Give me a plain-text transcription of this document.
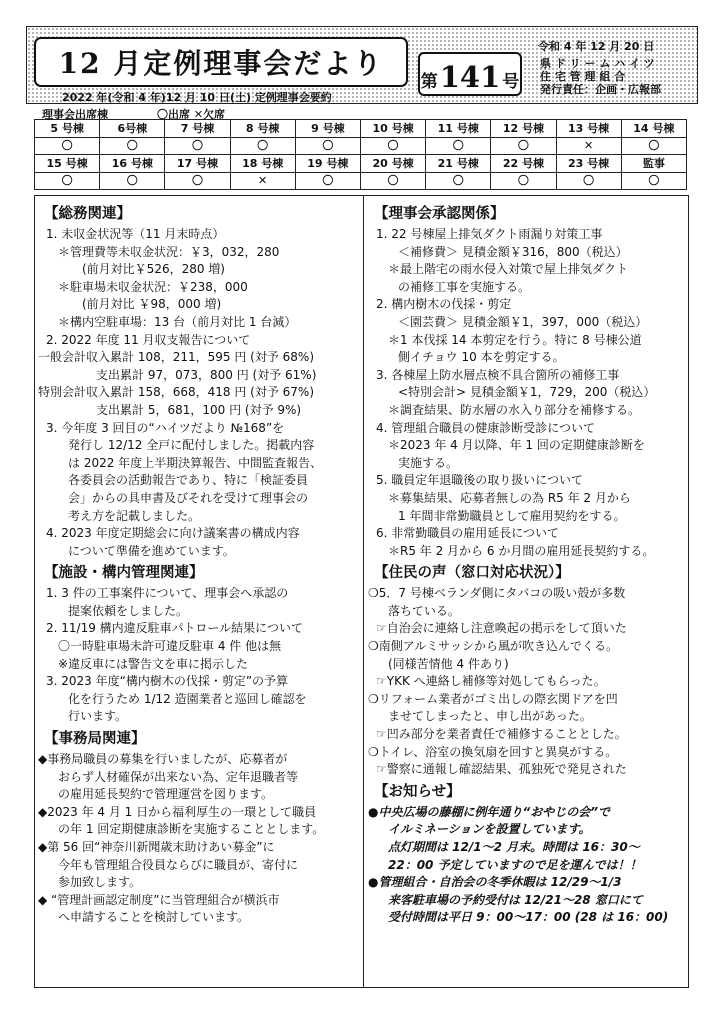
12 月定例理事会だより
2022 年(令和 4 年)12 月 10 日(土) 定例理事会要約
第 141 号
令和 4 年 12 月 20 日
県 ド リ ー ム ハ イ ツ
住 宅 管 理 組 合
発行責任：企画・広報部
理事会出席棟	〇出席 ✕欠席
5 号棟	6号棟	7 号棟	8 号棟	9 号棟	10 号棟	11 号棟	12 号棟	13 号棟	14 号棟
〇	〇	〇	〇	〇	〇	〇	〇	✕	〇
15 号棟	16 号棟	17 号棟	18 号棟	19 号棟	20 号棟	21 号棟	22 号棟	23 号棟	監事
〇	〇	〇	✕	〇	〇	〇	〇	〇	〇
【総務関連】
1. 未収金状況等（11 月末時点）
＊管理費等未収金状況：￥3，032，280
(前月対比￥526，280 増)
＊駐車場未収金状況：￥238，000
(前月対比 ￥98，000 増)
＊構内空駐車場：13 台（前月対比 1 台減）
2. 2022 年度 11 月収支報告について
一般会計収入累計 108，211，595 円 (対予 68%)
支出累計 97，073，800 円 (対予 61%)
特別会計収入累計 158，668，418 円 (対予 67%)
支出累計 5，681，100 円 (対予 9%)
3. 今年度 3 回目の“ハイツだより №168”を
発行し 12/12 全戸に配付しました。掲載内容
は 2022 年度上半期決算報告、中間監査報告、
各委員会の活動報告であり、特に「検証委員
会」からの具申書及びそれを受けて理事会の
考え方を記載しました。
4. 2023 年度定期総会に向け議案書の構成内容
について準備を進めています。
【施設・構内管理関連】
1. 3 件の工事案件について、理事会へ承認の
提案依頼をしました。
2. 11/19 構内違反駐車パトロール結果について
〇一時駐車場未許可違反駐車 4 件 他は無
※違反車には警告文を車に掲示した
3. 2023 年度“構内樹木の伐採・剪定”の予算
化を行うため 1/12 造園業者と巡回し確認を
行います。
【事務局関連】
◆事務局職員の募集を行いましたが、応募者が
おらず人材確保が出来ない為、定年退職者等
の雇用延長契約で管理運営を図ります。
◆2023 年 4 月 1 日から福利厚生の一環として職員
の年 1 回定期健康診断を実施することとします。
◆第 56 回“神奈川新聞歳末助けあい募金”に
今年も管理組合役員ならびに職員が、寄付に
参加致します。
◆ “管理計画認定制度”に当管理組合が横浜市
へ申請することを検討しています。
【理事会承認関係】
1. 22 号棟屋上排気ダクト雨漏り対策工事
＜補修費＞ 見積金額￥316，800（税込）
＊最上階宅の雨水侵入対策で屋上排気ダクト
の補修工事を実施する。
2. 構内樹木の伐採・剪定
＜園芸費＞ 見積金額￥1，397，000（税込）
＊1 本伐採 14 本剪定を行う。特に 8 号棟公道
側イチョウ 10 本を剪定する。
3. 各棟屋上防水層点検不具合箇所の補修工事
<特別会計> 見積金額￥1，729，200（税込）
＊調査結果、防水層の水入り部分を補修する。
4. 管理組合職員の健康診断受診について
＊2023 年 4 月以降、年 1 回の定期健康診断を
実施する。
5. 職員定年退職後の取り扱いについて
＊募集結果、応募者無しの為 R5 年 2 月から
1 年間非常勤職員として雇用契約をする。
6. 非常勤職員の雇用延長について
＊R5 年 2 月から 6 か月間の雇用延長契約する。
【住民の声（窓口対応状況）】
❍5．7 号棟ベランダ側にタバコの吸い殻が多数
落ちている。
☞自治会に連絡し注意喚起の掲示をして頂いた
❍南側アルミサッシから風が吹き込んでくる。
(同様苦情他 4 件あり)
☞YKK へ連絡し補修等対処してもらった。
❍リフォーム業者がゴミ出しの際玄関ドアを凹
ませてしまったと、申し出があった。
☞凹み部分を業者責任で補修することとした。
❍トイレ、浴室の換気扇を回すと異臭がする。
☞警察に通報し確認結果、孤独死で発見された
【お知らせ】
●中央広場の藤棚に例年通り“おやじの会”で
イルミネーションを設置しています。
点灯期間は 12/1～2 月末。時間は 16：30～
22：00 予定していますので足を運んでは！！
●管理組合・自治会の冬季休暇は 12/29～1/3
来客駐車場の予約受付は 12/21～28 窓口にて
受付時間は平日 9：00～17：00 (28 は 16：00)
